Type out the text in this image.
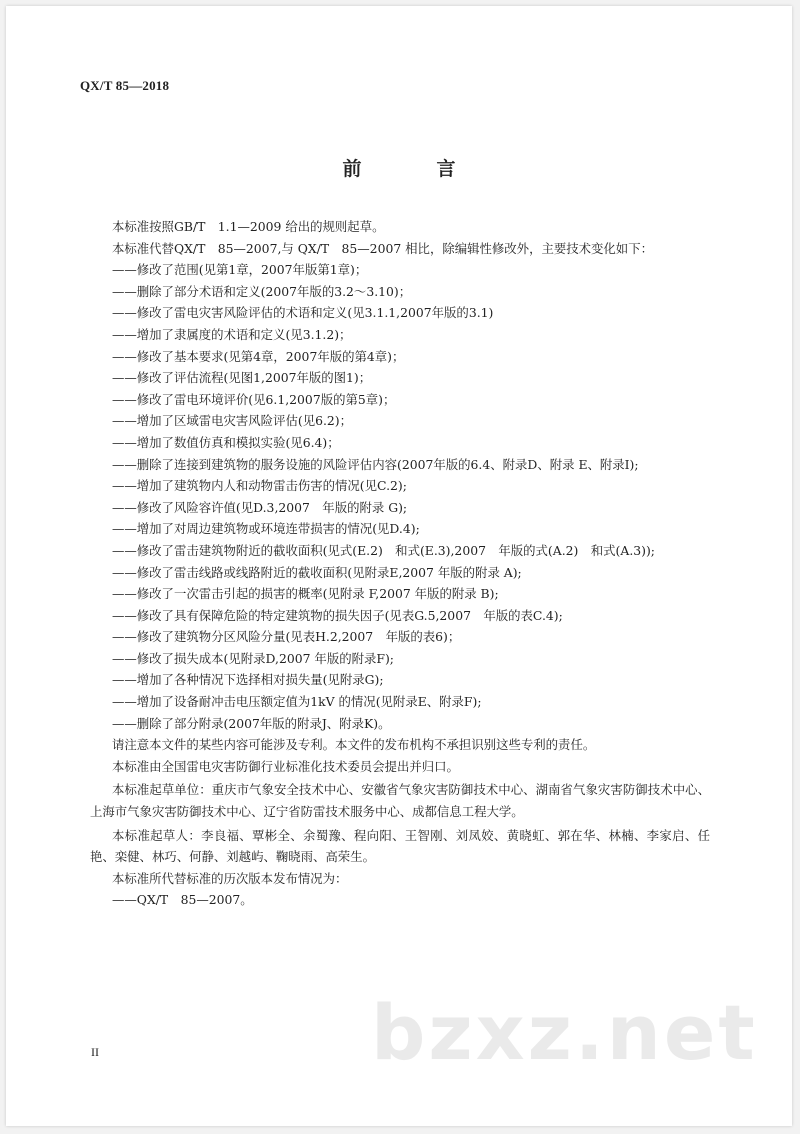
QX/T 85—2018
前　言

本标准按照GB/T　1.1—2009 给出的规则起草。

本标准代替QX/T　85—2007,与 QX/T　85—2007 相比，除编辑性修改外，主要技术变化如下：

——修改了范围(见第1章，2007年版第1章)；

——删除了部分术语和定义(2007年版的3.2～3.10)；

——修改了雷电灾害风险评估的术语和定义(见3.1.1,2007年版的3.1)

——增加了隶属度的术语和定义(见3.1.2)；

——修改了基本要求(见第4章，2007年版的第4章)；

——修改了评估流程(见图1,2007年版的图1)；

——修改了雷电环境评价(见6.1,2007版的第5章)；

——增加了区域雷电灾害风险评估(见6.2)；

——增加了数值仿真和模拟实验(见6.4)；

——删除了连接到建筑物的服务设施的风险评估内容(2007年版的6.4、附录D、附录 E、附录I);

——增加了建筑物内人和动物雷击伤害的情况(见C.2);

——修改了风险容许值(见D.3,2007　年版的附录 G);

——增加了对周边建筑物或环境连带损害的情况(见D.4);

——修改了雷击建筑物附近的截收面积(见式(E.2)　和式(E.3),2007　年版的式(A.2)　和式(A.3));

——修改了雷击线路或线路附近的截收面积(见附录E,2007 年版的附录 A);

——修改了一次雷击引起的损害的概率(见附录 F,2007 年版的附录 B);

——修改了具有保障危险的特定建筑物的损失因子(见表G.5,2007　年版的表C.4);

——修改了建筑物分区风险分量(见表H.2,2007　年版的表6)；

——修改了损失成本(见附录D,2007 年版的附录F);

——增加了各种情况下选择相对损失量(见附录G);

——增加了设备耐冲击电压额定值为1kV 的情况(见附录E、附录F);

——删除了部分附录(2007年版的附录J、附录K)。

请注意本文件的某些内容可能涉及专利。本文件的发布机构不承担识别这些专利的责任。

本标准由全国雷电灾害防御行业标准化技术委员会提出并归口。

本标准起草单位：重庆市气象安全技术中心、安徽省气象灾害防御技术中心、湖南省气象灾害防御技术中心、上海市气象灾害防御技术中心、辽宁省防雷技术服务中心、成都信息工程大学。

本标准起草人：李良福、覃彬全、余蜀豫、程向阳、王智刚、刘凤姣、黄晓虹、郭在华、林楠、李家启、任艳、栾健、林巧、何静、刘越屿、鞠晓雨、高荣生。

本标准所代替标准的历次版本发布情况为：

——QX/T　85—2007。

bzxz.net
II
